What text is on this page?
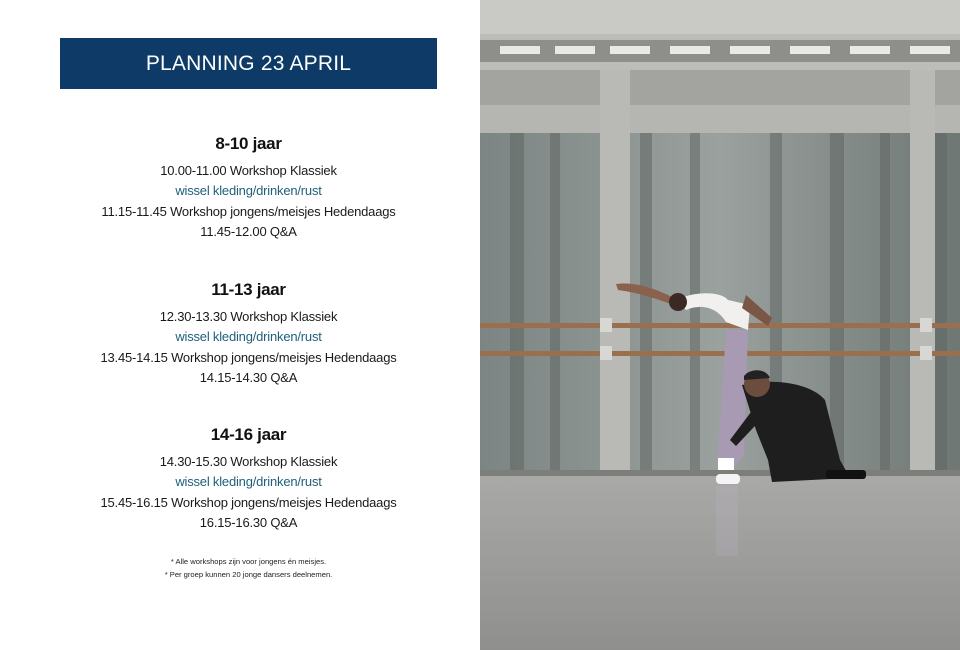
PLANNING 23 APRIL
8-10 jaar
10.00-11.00 Workshop Klassiek
wissel kleding/drinken/rust
11.15-11.45 Workshop jongens/meisjes Hedendaags
11.45-12.00 Q&A
11-13 jaar
12.30-13.30 Workshop Klassiek
wissel kleding/drinken/rust
13.45-14.15 Workshop jongens/meisjes Hedendaags
14.15-14.30 Q&A
14-16 jaar
14.30-15.30 Workshop Klassiek
wissel kleding/drinken/rust
15.45-16.15 Workshop jongens/meisjes Hedendaags
16.15-16.30 Q&A
* Alle workshops zijn voor jongens én meisjes.
* Per groep kunnen 20 jonge dansers deelnemen.
